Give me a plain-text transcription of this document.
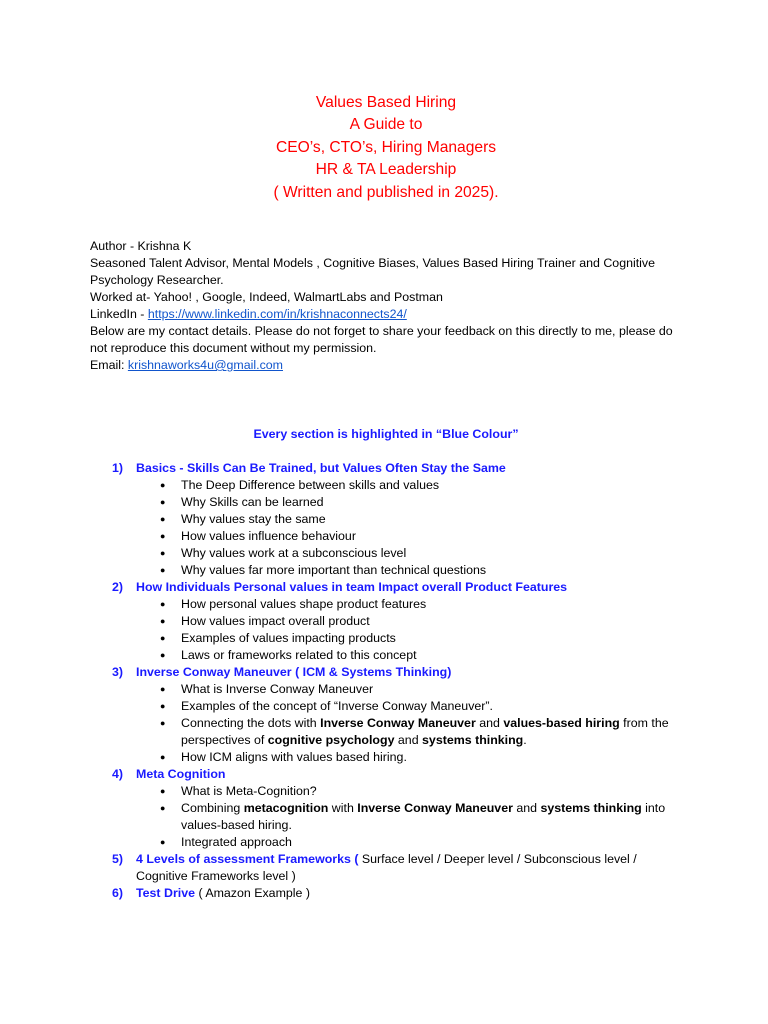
Values Based Hiring
A Guide to
CEO’s, CTO’s, Hiring Managers
HR & TA Leadership
( Written and published in 2025).
Author - Krishna K
Seasoned Talent Advisor, Mental Models , Cognitive Biases, Values Based Hiring Trainer and Cognitive Psychology Researcher.
Worked at- Yahoo! , Google, Indeed, WalmartLabs and Postman
LinkedIn - https://www.linkedin.com/in/krishnaconnects24/
Below are my contact details. Please do not forget to share your feedback on this directly to me, please do not reproduce this document without my permission.
Email: krishnaworks4u@gmail.com
Every section is highlighted in “Blue Colour”
1) Basics - Skills Can Be Trained, but Values Often Stay the Same
● The Deep Difference between skills and values
● Why Skills can be learned
● Why values stay the same
● How values influence behaviour
● Why values work at a subconscious level
● Why values far more important than technical questions
2) How Individuals Personal values in team Impact overall Product Features
● How personal values shape product features
● How values impact overall product
● Examples of values impacting products
● Laws or frameworks related to this concept
3) Inverse Conway Maneuver ( ICM & Systems Thinking)
● What is Inverse Conway Maneuver
● Examples of the concept of “Inverse Conway Maneuver”.
● Connecting the dots with Inverse Conway Maneuver and values-based hiring from the perspectives of cognitive psychology and systems thinking.
● How ICM aligns with values based hiring.
4) Meta Cognition
● What is Meta-Cognition?
● Combining metacognition with Inverse Conway Maneuver and systems thinking into values-based hiring.
● Integrated approach
5) 4 Levels of assessment Frameworks ( Surface level / Deeper level / Subconscious level / Cognitive Frameworks level )
6) Test Drive ( Amazon Example )
